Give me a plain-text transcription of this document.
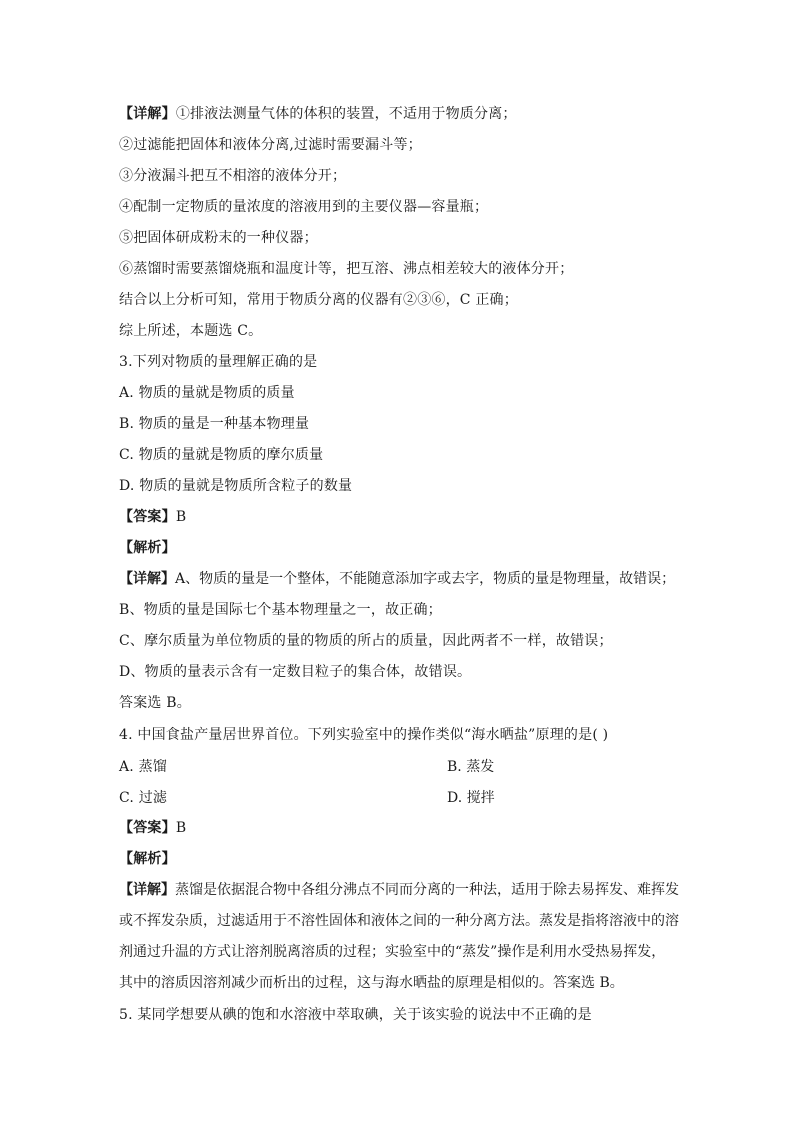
【详解】①排液法测量气体的体积的装置，不适用于物质分离；
②过滤能把固体和液体分离,过滤时需要漏斗等；
③分液漏斗把互不相溶的液体分开；
④配制一定物质的量浓度的溶液用到的主要仪器—容量瓶；
⑤把固体研成粉末的一种仪器；
⑥蒸馏时需要蒸馏烧瓶和温度计等，把互溶、沸点相差较大的液体分开；
结合以上分析可知，常用于物质分离的仪器有②③⑥，C 正确；
综上所述，本题选 C。
3.下列对物质的量理解正确的是
A. 物质的量就是物质的质量
B. 物质的量是一种基本物理量
C. 物质的量就是物质的摩尔质量
D. 物质的量就是物质所含粒子的数量
【答案】B
【解析】
【详解】A、物质的量是一个整体，不能随意添加字或去字，物质的量是物理量，故错误；
B、物质的量是国际七个基本物理量之一，故正确；
C、摩尔质量为单位物质的量的物质的所占的质量，因此两者不一样，故错误；
D、物质的量表示含有一定数目粒子的集合体，故错误。
答案选 B。
4. 中国食盐产量居世界首位。下列实验室中的操作类似“海水晒盐”原理的是( )
A. 蒸馏	B. 蒸发
C. 过滤	D. 搅拌
【答案】B
【解析】
【详解】蒸馏是依据混合物中各组分沸点不同而分离的一种法，适用于除去易挥发、难挥发
或不挥发杂质，过滤适用于不溶性固体和液体之间的一种分离方法。蒸发是指将溶液中的溶
剂通过升温的方式让溶剂脱离溶质的过程；实验室中的“蒸发”操作是利用水受热易挥发，
其中的溶质因溶剂减少而析出的过程，这与海水晒盐的原理是相似的。答案选 B。
5. 某同学想要从碘的饱和水溶液中萃取碘，关于该实验的说法中不正确的是
